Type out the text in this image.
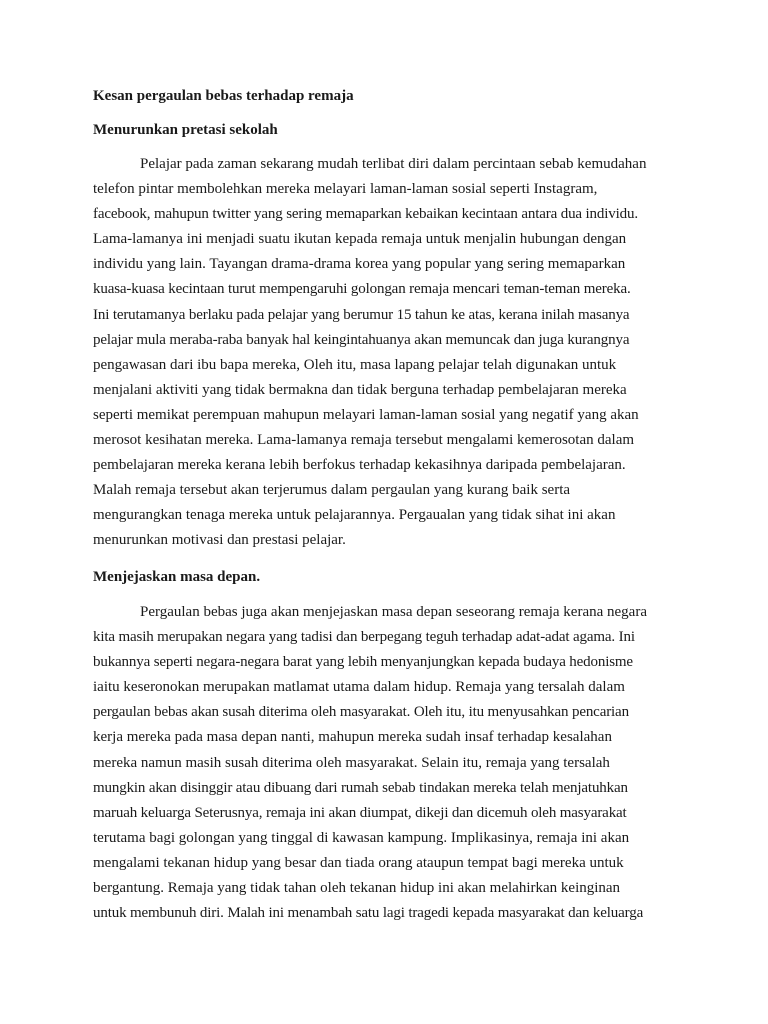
Kesan pergaulan bebas terhadap remaja
Menurunkan pretasi sekolah

Pelajar pada zaman sekarang mudah terlibat diri dalam percintaan sebab kemudahan
telefon pintar membolehkan mereka melayari laman-laman sosial seperti Instagram,
facebook, mahupun twitter yang sering memaparkan kebaikan kecintaan antara dua individu.
Lama-lamanya ini menjadi suatu ikutan kepada remaja untuk menjalin hubungan dengan
individu yang lain. Tayangan drama-drama korea yang popular yang sering memaparkan
kuasa-kuasa kecintaan turut mempengaruhi golongan remaja mencari teman-teman mereka.
Ini terutamanya berlaku pada pelajar yang berumur 15 tahun ke atas, kerana inilah masanya
pelajar mula meraba-raba banyak hal keingintahuanya akan memuncak dan juga kurangnya
pengawasan dari ibu bapa mereka, Oleh itu, masa lapang pelajar telah digunakan untuk
menjalani aktiviti yang tidak bermakna dan tidak berguna terhadap pembelajaran mereka
seperti memikat perempuan mahupun melayari laman-laman sosial yang negatif yang akan
merosot kesihatan mereka. Lama-lamanya remaja tersebut mengalami kemerosotan dalam
pembelajaran mereka kerana lebih berfokus terhadap kekasihnya daripada pembelajaran.
Malah remaja tersebut akan terjerumus dalam pergaulan yang kurang baik serta
mengurangkan tenaga mereka untuk pelajarannya. Pergaualan yang tidak sihat ini akan
menurunkan motivasi dan prestasi pelajar.

Menjejaskan masa depan.

Pergaulan bebas juga akan menjejaskan masa depan seseorang remaja kerana negara
kita masih merupakan negara yang tadisi dan berpegang teguh terhadap adat-adat agama. Ini
bukannya seperti negara-negara barat yang lebih menyanjungkan kepada budaya hedonisme
iaitu keseronokan merupakan matlamat utama dalam hidup. Remaja yang tersalah dalam
pergaulan bebas akan susah diterima oleh masyarakat. Oleh itu, itu menyusahkan pencarian
kerja mereka pada masa depan nanti, mahupun mereka sudah insaf terhadap kesalahan
mereka namun masih susah diterima oleh masyarakat. Selain itu, remaja yang tersalah
mungkin akan disinggir atau dibuang dari rumah sebab tindakan mereka telah menjatuhkan
maruah keluarga Seterusnya, remaja ini akan diumpat, dikeji dan dicemuh oleh masyarakat
terutama bagi golongan yang tinggal di kawasan kampung. Implikasinya, remaja ini akan
mengalami tekanan hidup yang besar dan tiada orang ataupun tempat bagi mereka untuk
bergantung. Remaja yang tidak tahan oleh tekanan hidup ini akan melahirkan keinginan
untuk membunuh diri. Malah ini menambah satu lagi tragedi kepada masyarakat dan keluarga
